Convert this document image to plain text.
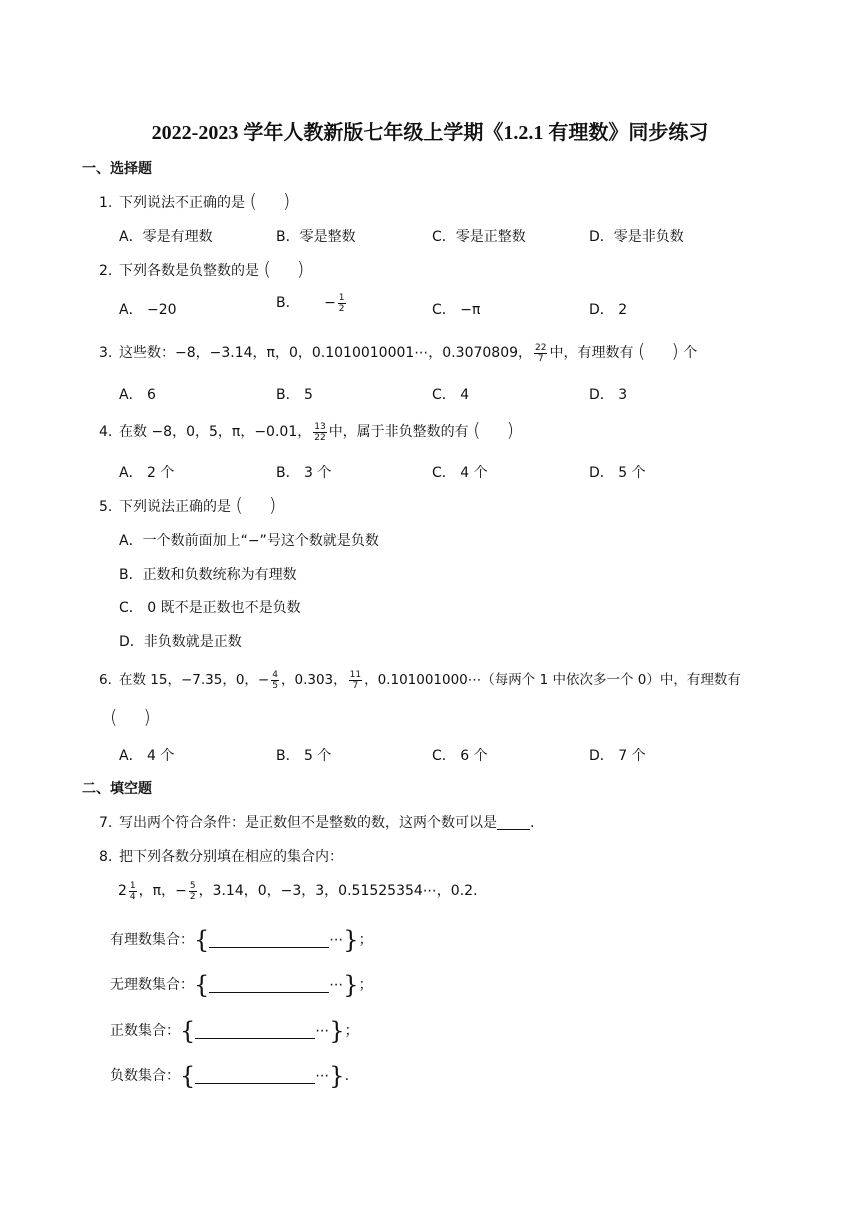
2022-2023 学年人教新版七年级上学期《1.2.1 有理数》同步练习
一、选择题
1. 下列说法不正确的是 ( )
A．零是有理数	B．零是整数	C．零是正整数	D．零是非负数
2. 下列各数是负整数的是 ( )
A． −20	B． − $\frac{1}{2}$	C． −π	D． 2
3. 这些数：−8，−3.14，π，0，0.1010010001⋯，0.3070809， $\frac{22}{7}$ 中，有理数有 ( ) 个
A． 6	B． 5	C． 4	D． 3
4. 在数 −8，0，5，π，−0.01， $\frac{13}{22}$ 中，属于非负整数的有 ( )
A． 2 个	B． 3 个	C． 4 个	D． 5 个
5. 下列说法正确的是 ( )
A．一个数前面加上“−”号这个数就是负数
B．正数和负数统称为有理数
C． 0 既不是正数也不是负数
D．非负数就是正数
6. 在数 15，−7.35，0，− $\frac{4}{5}$ ，0.303， $\frac{11}{7}$ ，0.101001000⋯（每两个 1 中依次多一个 0）中，有理数有
( )
A． 4 个	B． 5 个	C． 6 个	D． 7 个
二、填空题
7. 写出两个符合条件：是正数但不是整数的数，这两个数可以是 .
8. 把下列各数分别填在相应的集合内：
$2 \frac{1}{4}$ ，π，− $\frac{5}{2}$ ，3.14，0，−3，3，0.51525354⋯，0.2.
有理数集合：{	⋯}；
无理数集合：{	⋯}；
正数集合：{	⋯}；
负数集合：{	⋯}.
